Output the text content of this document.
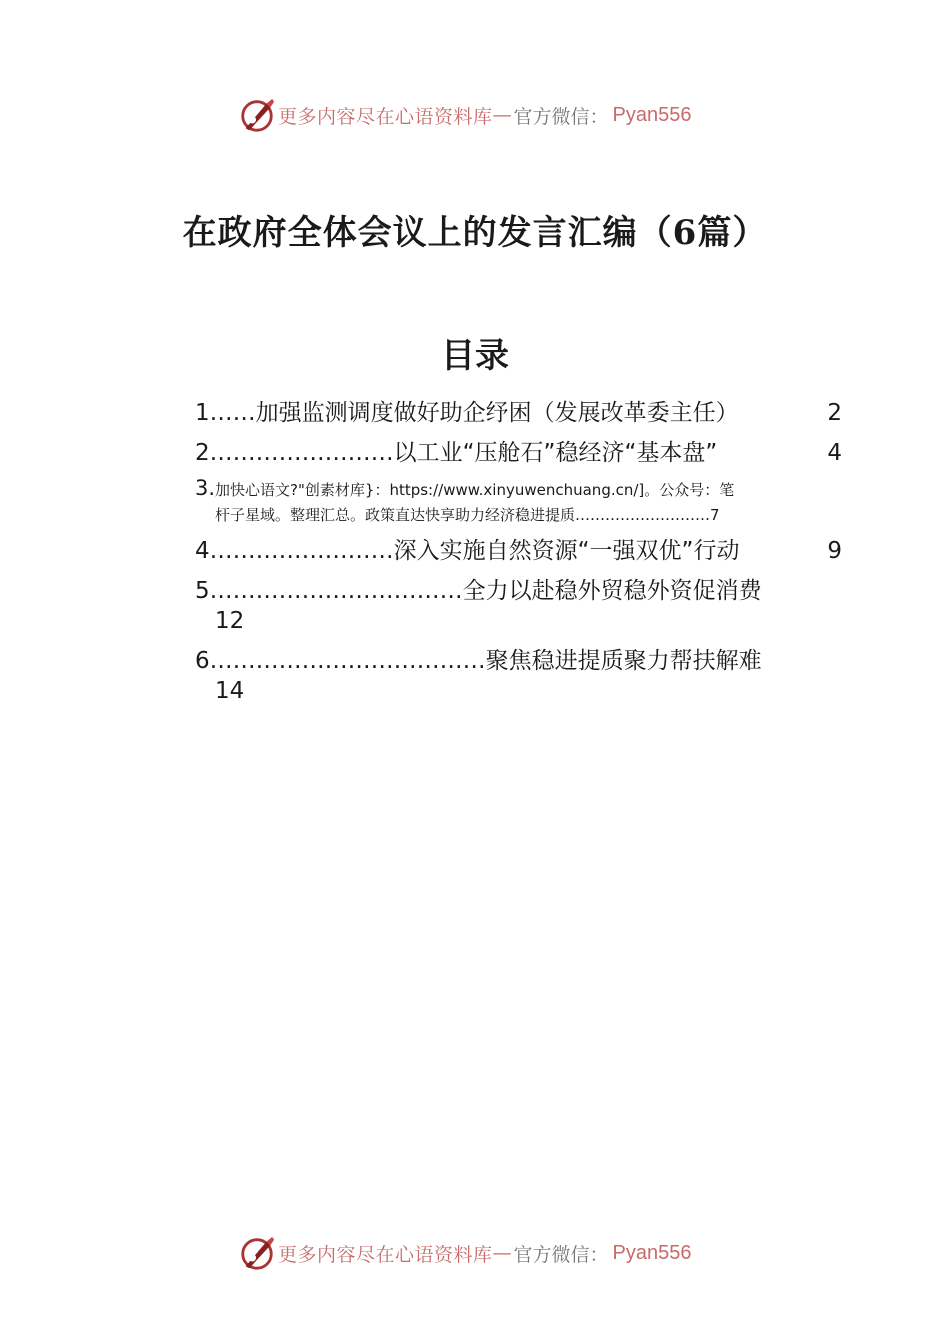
更多内容尽在心语资料库 — 官方微信： Pyan556
在政府全体会议上的发言汇编（6篇）
目录
1……加强监测调度做好助企纾困（发展改革委主任）	2
2……………………以工业“压舱石”稳经济“基本盘”	4
3.加快心语文?"创素材库}：https://www.xinyuwenchuang.cn/]。公众号：笔
杆子星域。整理汇总。政策直达快享助力经济稳进提质………………………7
4……………………深入实施自然资源“一强双优”行动	9
5……………………………全力以赴稳外贸稳外资促消费
12
6………………………………聚焦稳进提质聚力帮扶解难
14
更多内容尽在心语资料库 — 官方微信： Pyan556
